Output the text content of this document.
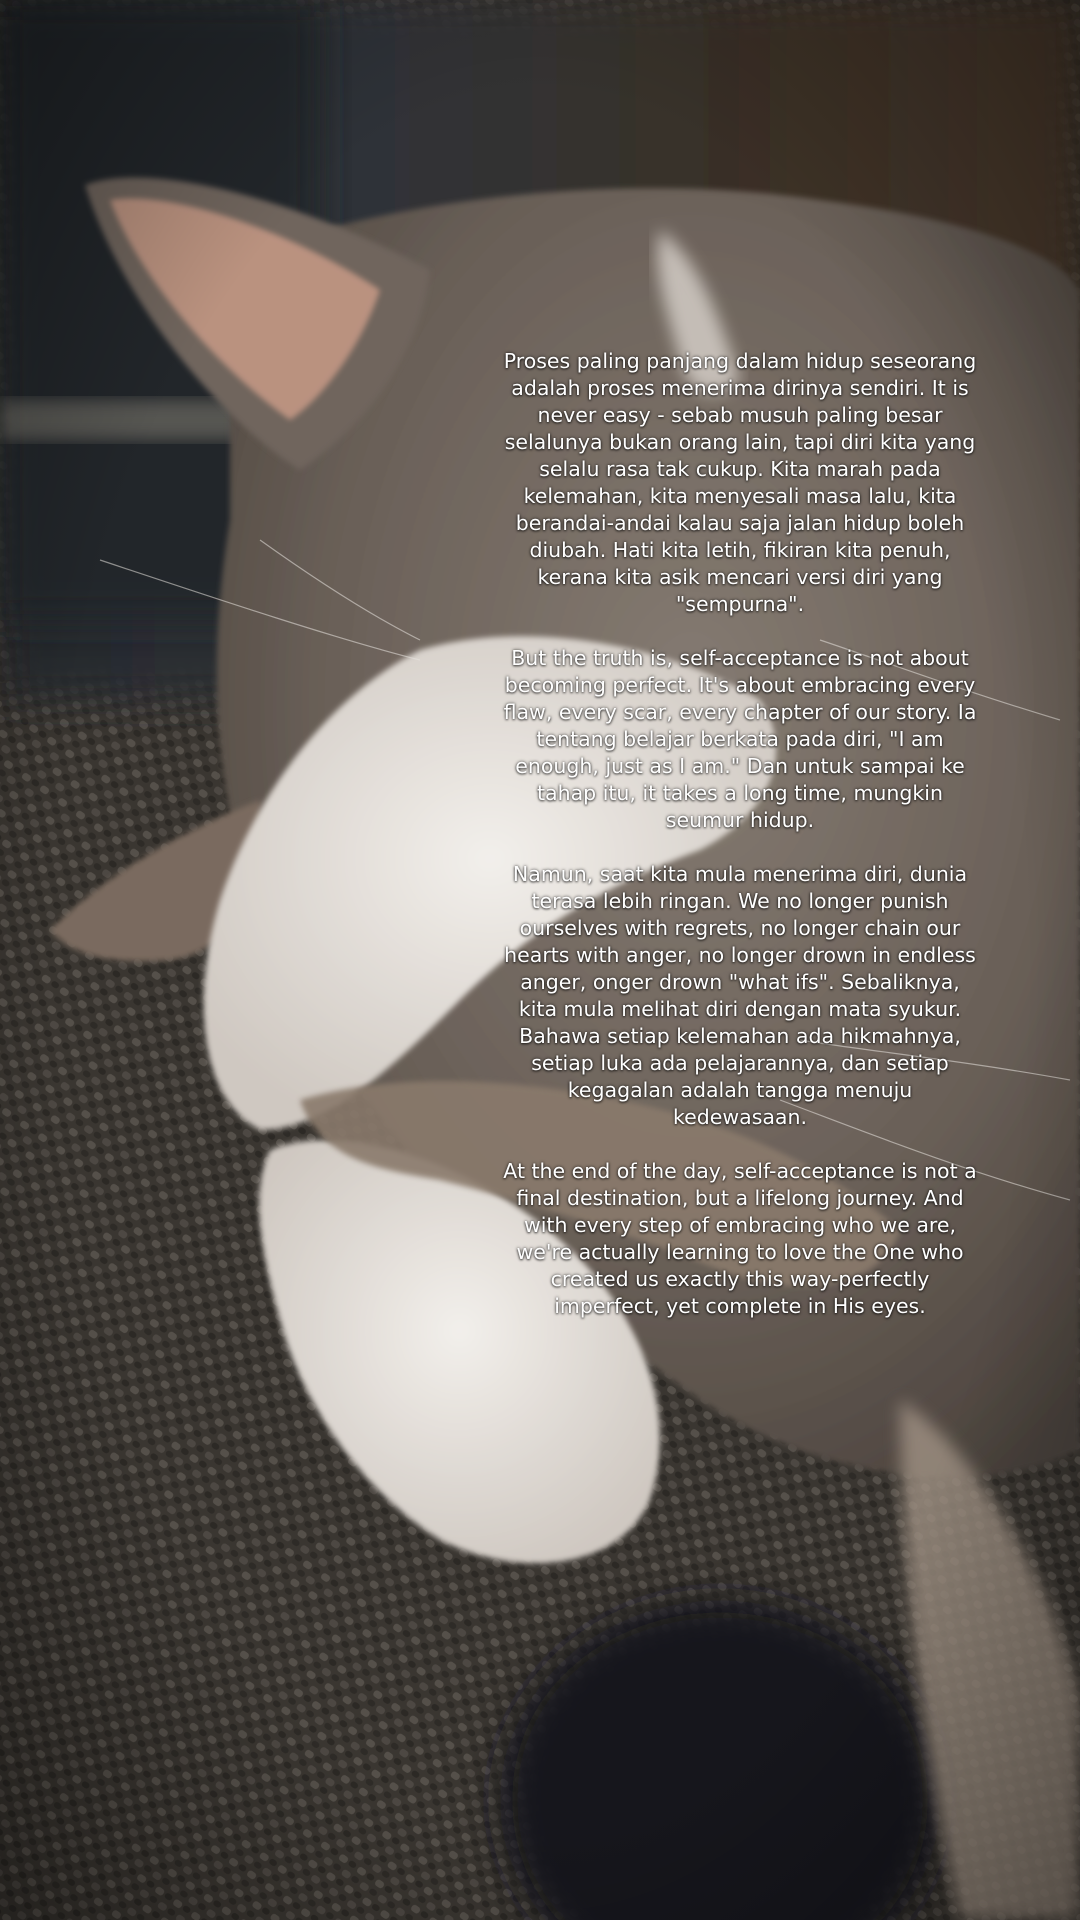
Proses paling panjang dalam hidup seseorang adalah proses menerima dirinya sendiri. It is never easy - sebab musuh paling besar selalunya bukan orang lain, tapi diri kita yang selalu rasa tak cukup. Kita marah pada kelemahan, kita menyesali masa lalu, kita berandai-andai kalau saja jalan hidup boleh diubah. Hati kita letih, fikiran kita penuh, kerana kita asik mencari versi diri yang "sempurna".

But the truth is, self-acceptance is not about becoming perfect. It's about embracing every flaw, every scar, every chapter of our story. Ia tentang belajar berkata pada diri, "I am enough, just as I am." Dan untuk sampai ke tahap itu, it takes a long time, mungkin seumur hidup.

Namun, saat kita mula menerima diri, dunia terasa lebih ringan. We no longer punish ourselves with regrets, no longer chain our hearts with anger, no longer drown in endless anger, onger drown "what ifs". Sebaliknya, kita mula melihat diri dengan mata syukur. Bahawa setiap kelemahan ada hikmahnya, setiap luka ada pelajarannya, dan setiap kegagalan adalah tangga menuju kedewasaan.

At the end of the day, self-acceptance is not a final destination, but a lifelong journey. And with every step of embracing who we are, we're actually learning to love the One who created us exactly this way-perfectly imperfect, yet complete in His eyes.
